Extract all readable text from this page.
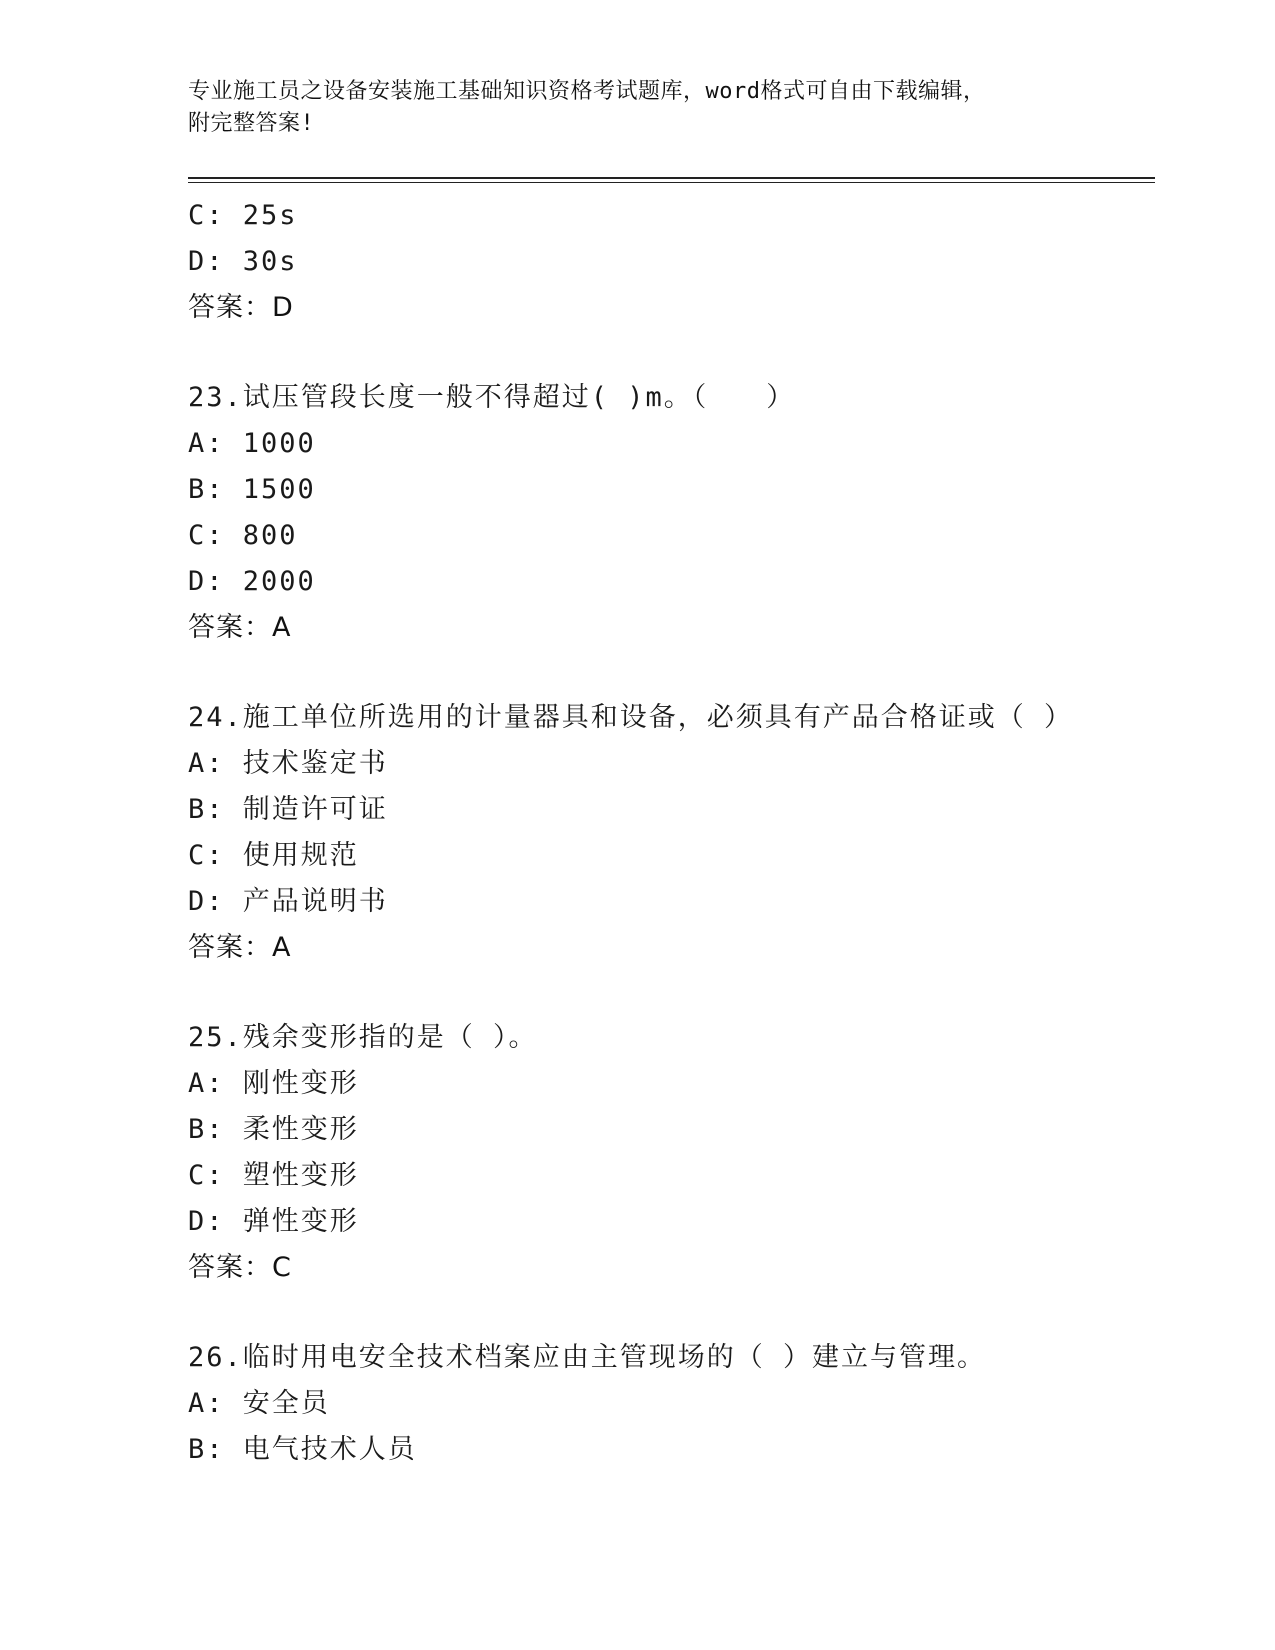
专业施工员之设备安装施工基础知识资格考试题库，word格式可自由下载编辑，
附完整答案!
C: 25s
D: 30s
答案：D
23.试压管段长度一般不得超过( )m。（　　）
A: 1000
B: 1500
C: 800
D: 2000
答案：A
24.施工单位所选用的计量器具和设备，必须具有产品合格证或（ ）
A: 技术鉴定书
B: 制造许可证
C: 使用规范
D: 产品说明书
答案：A
25.残余变形指的是（ ）。
A: 刚性变形
B: 柔性变形
C: 塑性变形
D: 弹性变形
答案：C
26.临时用电安全技术档案应由主管现场的（ ）建立与管理。
A: 安全员
B: 电气技术人员
